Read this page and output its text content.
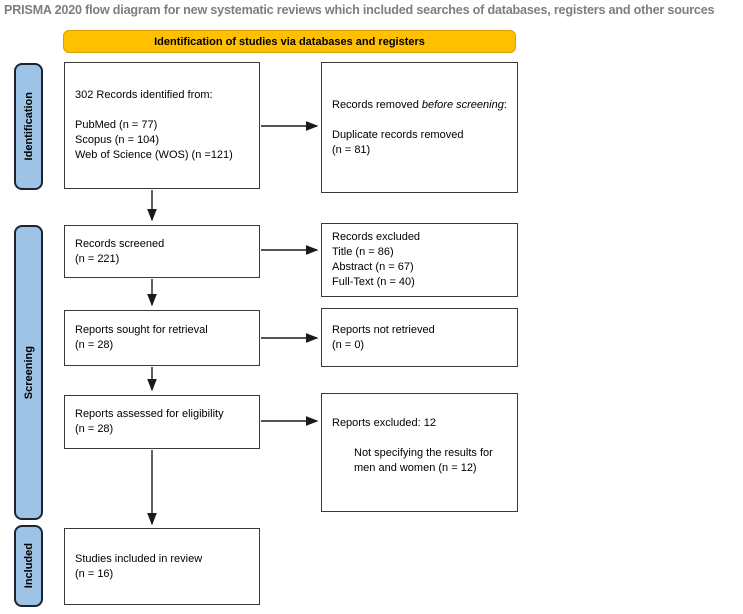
PRISMA 2020 flow diagram for new systematic reviews which included searches of databases, registers and other sources
Identification of studies via databases and registers
Identification
Screening
Included
302 Records identified from:
PubMed (n = 77)
Scopus (n = 104)
Web of Science (WOS) (n =121)
Records screened
(n = 221)
Reports sought for retrieval
(n = 28)
Reports assessed for eligibility
(n = 28)
Studies included in review
(n = 16)
Records removed before screening:
Duplicate records removed
(n = 81)
Records excluded
Title (n = 86)
Abstract (n = 67)
Full-Text (n = 40)
Reports not retrieved
(n = 0)
Reports excluded: 12
Not specifying the results for men and women (n = 12)
